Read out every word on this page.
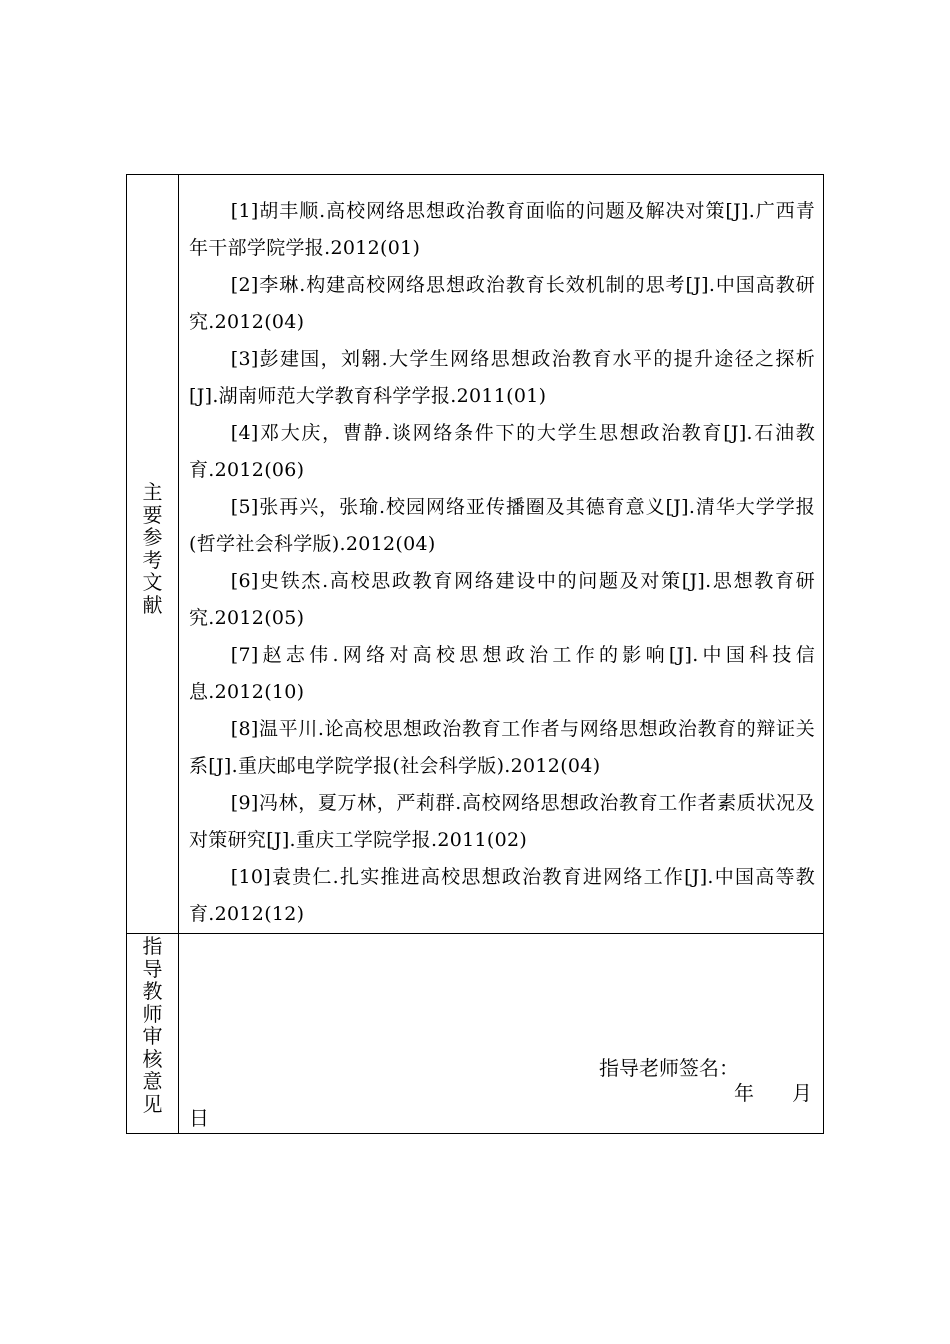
主要参考文献
[1]胡丰顺.高校网络思想政治教育面临的问题及解决对策[J].广西青年干部学院学报.2012(01)
[2]李琳.构建高校网络思想政治教育长效机制的思考[J].中国高教研究.2012(04)
[3]彭建国，刘翱.大学生网络思想政治教育水平的提升途径之探析[J].湖南师范大学教育科学学报.2011(01)
[4]邓大庆，曹静.谈网络条件下的大学生思想政治教育[J].石油教育.2012(06)
[5]张再兴，张瑜.校园网络亚传播圈及其德育意义[J].清华大学学报(哲学社会科学版).2012(04)
[6]史铁杰.高校思政教育网络建设中的问题及对策[J].思想教育研究.2012(05)
[7]赵志伟.网络对高校思想政治工作的影响[J].中国科技信息.2012(10)
[8]温平川.论高校思想政治教育工作者与网络思想政治教育的辩证关系[J].重庆邮电学院学报(社会科学版).2012(04)
[9]冯林，夏万林，严莉群.高校网络思想政治教育工作者素质状况及对策研究[J].重庆工学院学报.2011(02)
[10]袁贵仁.扎实推进高校思想政治教育进网络工作[J].中国高等教育.2012(12)
指导教师审核意见
指导老师签名：
年 月
日
